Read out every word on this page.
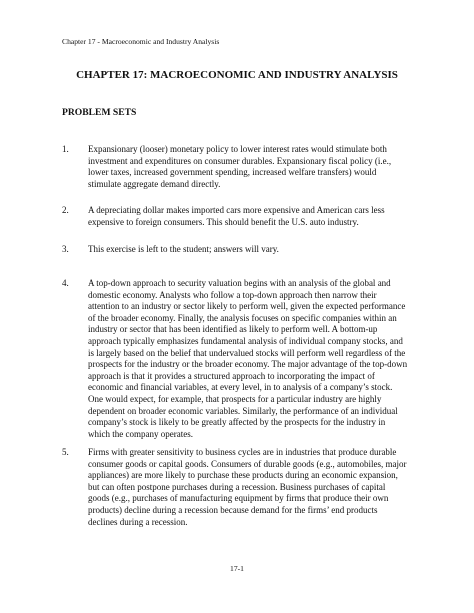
Chapter 17 - Macroeconomic and Industry Analysis
CHAPTER 17: MACROECONOMIC AND INDUSTRY ANALYSIS
PROBLEM SETS
1. Expansionary (looser) monetary policy to lower interest rates would stimulate both
investment and expenditures on consumer durables. Expansionary fiscal policy (i.e.,
lower taxes, increased government spending, increased welfare transfers) would
stimulate aggregate demand directly.
2. A depreciating dollar makes imported cars more expensive and American cars less
expensive to foreign consumers. This should benefit the U.S. auto industry.
3. This exercise is left to the student; answers will vary.
4. A top-down approach to security valuation begins with an analysis of the global and
domestic economy. Analysts who follow a top-down approach then narrow their
attention to an industry or sector likely to perform well, given the expected performance
of the broader economy. Finally, the analysis focuses on specific companies within an
industry or sector that has been identified as likely to perform well. A bottom-up
approach typically emphasizes fundamental analysis of individual company stocks, and
is largely based on the belief that undervalued stocks will perform well regardless of the
prospects for the industry or the broader economy. The major advantage of the top-down
approach is that it provides a structured approach to incorporating the impact of
economic and financial variables, at every level, in to analysis of a company’s stock.
One would expect, for example, that prospects for a particular industry are highly
dependent on broader economic variables. Similarly, the performance of an individual
company’s stock is likely to be greatly affected by the prospects for the industry in
which the company operates.
5. Firms with greater sensitivity to business cycles are in industries that produce durable
consumer goods or capital goods. Consumers of durable goods (e.g., automobiles, major
appliances) are more likely to purchase these products during an economic expansion,
but can often postpone purchases during a recession. Business purchases of capital
goods (e.g., purchases of manufacturing equipment by firms that produce their own
products) decline during a recession because demand for the firms’ end products
declines during a recession.
17-1
